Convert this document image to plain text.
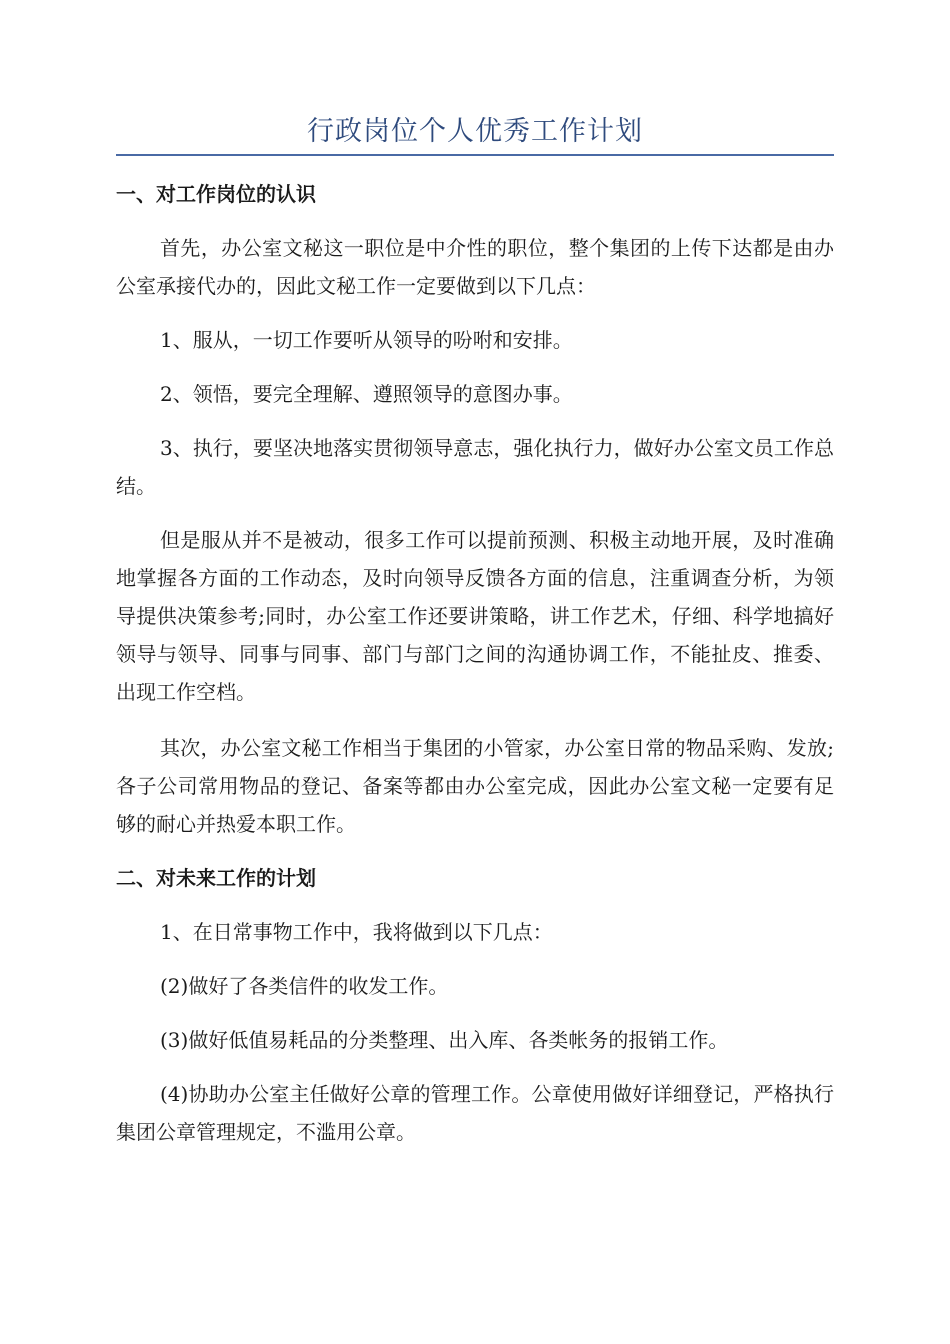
行政岗位个人优秀工作计划

一、对工作岗位的认识

首先，办公室文秘这一职位是中介性的职位，整个集团的上传下达都是由办公室承接代办的，因此文秘工作一定要做到以下几点：

1、服从，一切工作要听从领导的吩咐和安排。

2、领悟，要完全理解、遵照领导的意图办事。

3、执行，要坚决地落实贯彻领导意志，强化执行力，做好办公室文员工作总结。

但是服从并不是被动，很多工作可以提前预测、积极主动地开展，及时准确地掌握各方面的工作动态，及时向领导反馈各方面的信息，注重调查分析，为领导提供决策参考;同时，办公室工作还要讲策略，讲工作艺术，仔细、科学地搞好领导与领导、同事与同事、部门与部门之间的沟通协调工作，不能扯皮、推委、出现工作空档。

其次，办公室文秘工作相当于集团的小管家，办公室日常的物品采购、发放;各子公司常用物品的登记、备案等都由办公室完成，因此办公室文秘一定要有足够的耐心并热爱本职工作。

二、对未来工作的计划

1、在日常事物工作中，我将做到以下几点：

(2)做好了各类信件的收发工作。

(3)做好低值易耗品的分类整理、出入库、各类帐务的报销工作。

(4)协助办公室主任做好公章的管理工作。公章使用做好详细登记，严格执行集团公章管理规定，不滥用公章。
